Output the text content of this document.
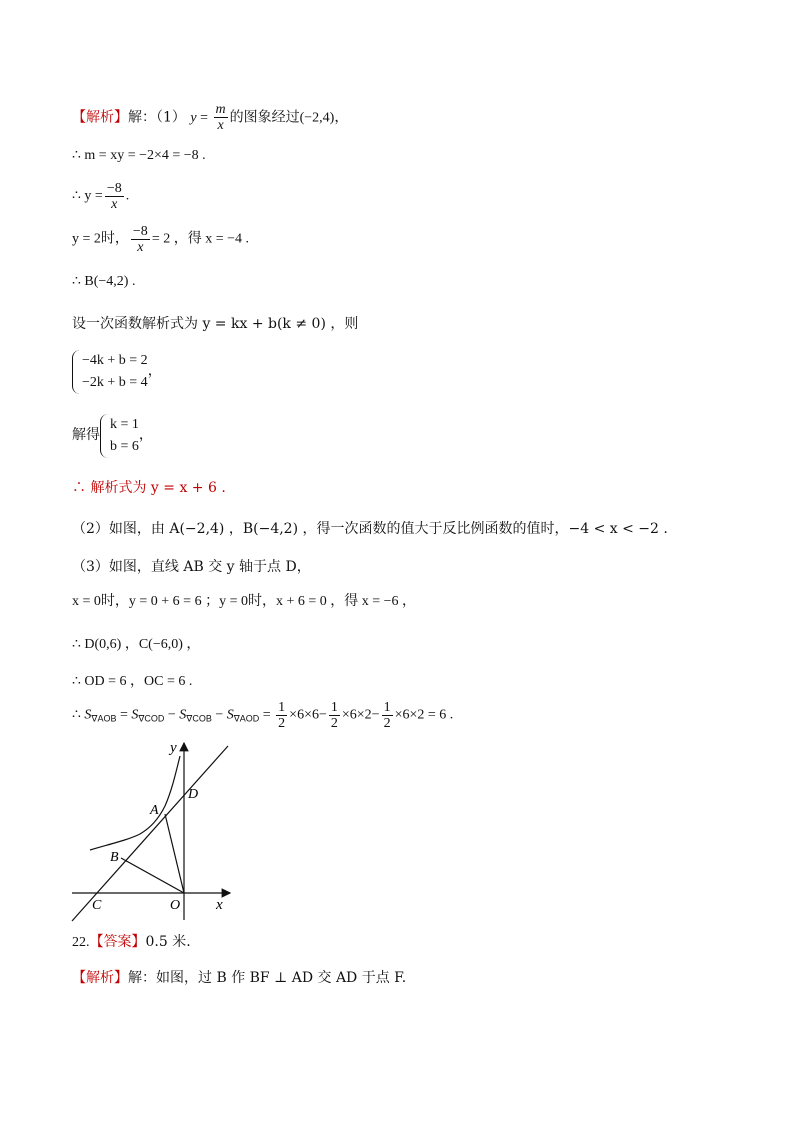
【解析】解：（1） $y = \frac{m}{x}$ 的图象经过(−2,4)，
∴ m = xy = −2×4 = −8 .
∴ $y = \frac{-8}{x}$ .
y = 2时， $\frac{-8}{x} = 2$ ，得 x = −4 .
∴ B(−4,2) .
设一次函数解析式为 y = kx + b(k ≠ 0) ，则
−4k + b = 2
−2k + b = 4
，
解得
k = 1
b = 6
，
∴ 解析式为 y = x + 6 .
（2）如图，由 A(−2,4) ，B(−4,2) ，得一次函数的值大于反比例函数的值时，−4 < x < −2 .
（3）如图，直线 AB 交 y 轴于点 D，
x = 0时，y = 0 + 6 = 6 ；y = 0时，x + 6 = 0 ，得 x = −6 ，
∴ D(0,6) ，C(−6,0) ，
∴ OD = 6 ，OC = 6 .
∴ $S_{\nabla AOB} = S_{\nabla COD} - S_{\nabla COB} - S_{\nabla AOD} = \frac{1}{2} \times 6\times 6- \frac{1}{2} \times 6\times 2- \frac{1}{2} \times 6\times 2 = 6$ .
y
x
A
B
C
D
O
22.【答案】0.5 米.
【解析】解：如图，过 B 作 BF ⊥ AD 交 AD 于点 F.
